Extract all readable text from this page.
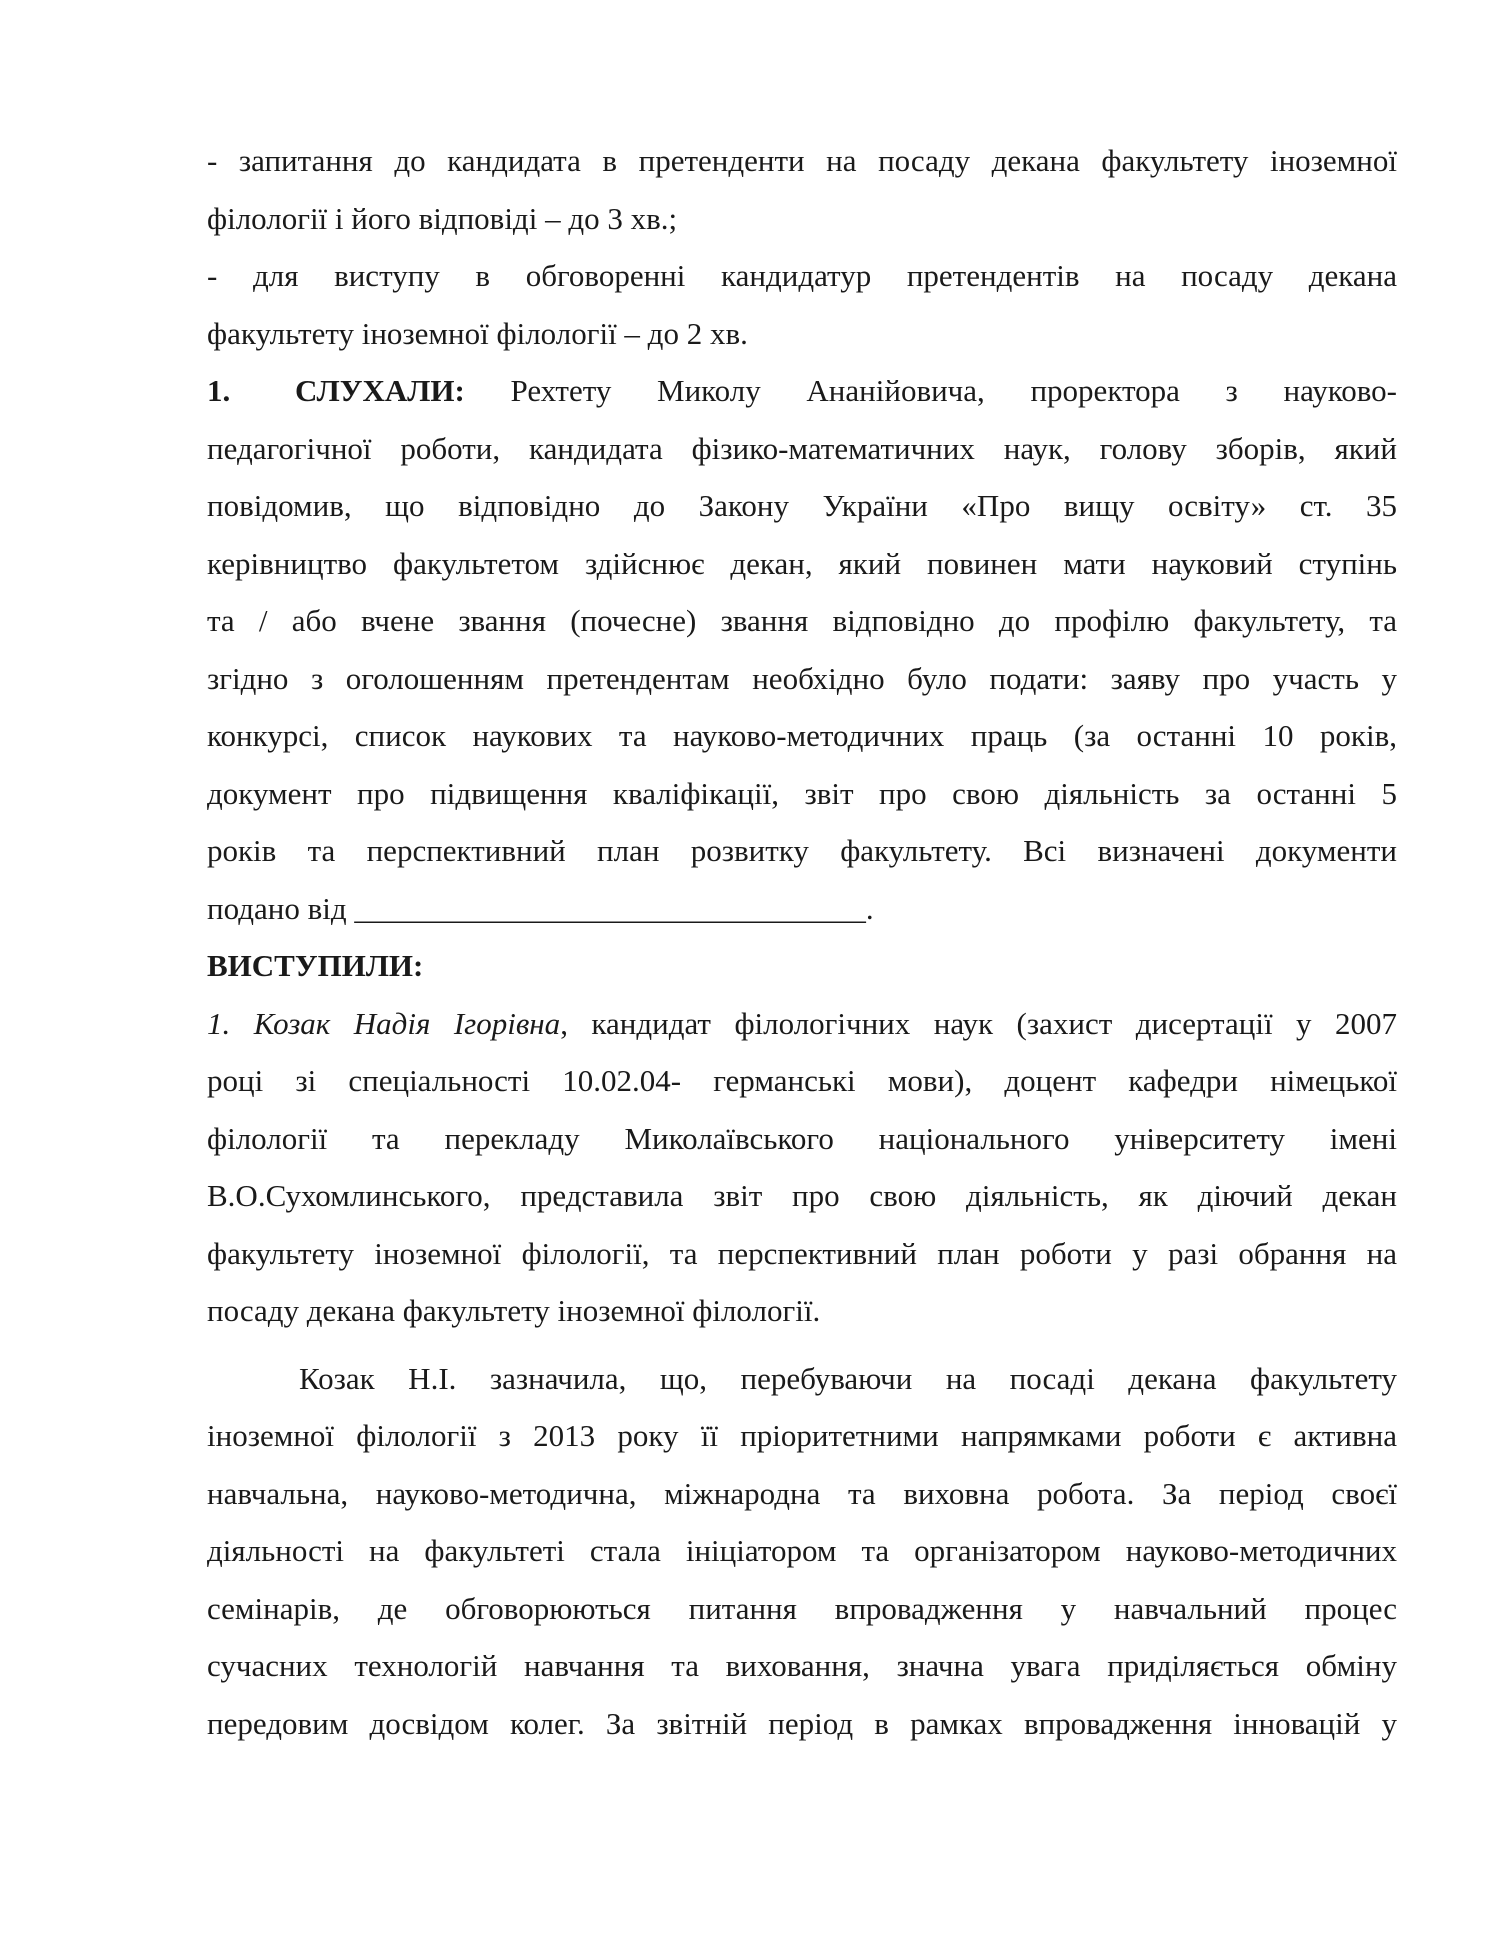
- запитання до кандидата в претенденти на посаду декана факультету іноземної
філології і його відповіді – до 3 хв.;
- для виступу в обговоренні кандидатур претендентів на посаду декана
факультету іноземної філології – до 2 хв.
1. СЛУХАЛИ: Рехтету Миколу Ананійовича, проректора з науково-
педагогічної роботи, кандидата фізико-математичних наук, голову зборів, який
повідомив, що відповідно до Закону України «Про вищу освіту» ст. 35
керівництво факультетом здійснює декан, який повинен мати науковий ступінь
та / або вчене звання (почесне) звання відповідно до профілю факультету, та
згідно з оголошенням претендентам необхідно було подати: заяву про участь у
конкурсі, список наукових та науково-методичних праць (за останні 10 років,
документ про підвищення кваліфікації, звіт про свою діяльність за останні 5
років та перспективний план розвитку факультету. Всі визначені документи
подано від _________________________________.
ВИСТУПИЛИ:
1. Козак Надія Ігорівна, кандидат філологічних наук (захист дисертації у 2007
році зі спеціальності 10.02.04- германські мови), доцент кафедри німецької
філології та перекладу Миколаївського національного університету імені
В.О.Сухомлинського, представила звіт про свою діяльність, як діючий декан
факультету іноземної філології, та перспективний план роботи у разі обрання на
посаду декана факультету іноземної філології.
Козак Н.І. зазначила, що, перебуваючи на посаді декана факультету
іноземної філології з 2013 року її пріоритетними напрямками роботи є активна
навчальна, науково-методична, міжнародна та виховна робота. За період своєї
діяльності на факультеті стала ініціатором та організатором науково-методичних
семінарів, де обговорюються питання впровадження у навчальний процес
сучасних технологій навчання та виховання, значна увага приділяється обміну
передовим досвідом колег. За звітній період в рамках впровадження інновацій у
